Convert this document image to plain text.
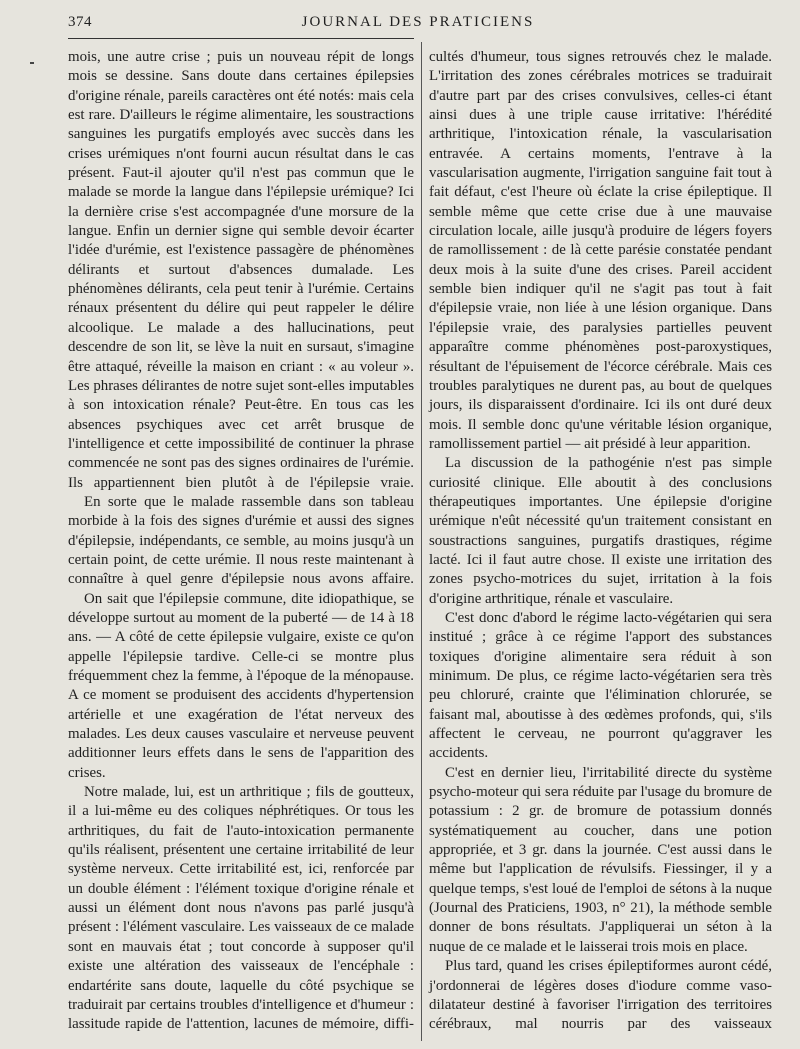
374	JOURNAL DES PRATICIENS

mois, une autre crise ; puis un nouveau répit de longs mois se dessine. Sans doute dans certaines épilepsies d'origine rénale, pareils caractères ont été notés: mais cela est rare. D'ailleurs le régime alimentaire, les soustractions sanguines les purgatifs employés avec succès dans les crises urémiques n'ont fourni aucun résultat dans le cas présent. Faut-il ajouter qu'il n'est pas commun que le malade se morde la langue dans l'épilepsie urémique? Ici la dernière crise s'est accompagnée d'une morsure de la langue. Enfin un dernier signe qui semble devoir écarter l'idée d'urémie, est l'existence passagère de phénomènes délirants et surtout d'absences dumalade. Les phénomènes délirants, cela peut tenir à l'urémie. Certains rénaux présentent du délire qui peut rappeler le délire alcoolique. Le malade a des hallucinations, peut descendre de son lit, se lève la nuit en sursaut, s'imagine être attaqué, réveille la maison en criant : « au voleur ». Les phrases délirantes de notre sujet sont-elles imputables à son intoxication rénale? Peut-être. En tous cas les absences psychiques avec cet arrêt brusque de l'intelligence et cette impossibilité de continuer la phrase commencée ne sont pas des signes ordinaires de l'urémie. Ils appartiennent bien plutôt à de l'épilepsie vraie.

En sorte que le malade rassemble dans son tableau morbide à la fois des signes d'urémie et aussi des signes d'épilepsie, indépendants, ce semble, au moins jusqu'à un certain point, de cette urémie. Il nous reste maintenant à connaître à quel genre d'épilepsie nous avons affaire.

On sait que l'épilepsie commune, dite idiopathique, se développe surtout au moment de la puberté — de 14 à 18 ans. — A côté de cette épilepsie vulgaire, existe ce qu'on appelle l'épilepsie tardive. Celle-ci se montre plus fréquemment chez la femme, à l'époque de la ménopause. A ce moment se produisent des accidents d'hypertension artérielle et une exagération de l'état nerveux des malades. Les deux causes vasculaire et nerveuse peuvent additionner leurs effets dans le sens de l'apparition des crises.

Notre malade, lui, est un arthritique ; fils de goutteux, il a lui-même eu des coliques néphrétiques. Or tous les arthritiques, du fait de l'auto-intoxication permanente qu'ils réalisent, présentent une certaine irritabilité de leur système nerveux. Cette irritabilité est, ici, renforcée par un double élément : l'élément toxique d'origine rénale et aussi un élément dont nous n'avons pas parlé jusqu'à présent : l'élément vasculaire. Les vaisseaux de ce malade sont en mauvais état ; tout concorde à supposer qu'il existe une altération des vaisseaux de l'encéphale : endartérite sans doute, laquelle du côté psychique se traduirait par certains troubles d'intelligence et d'humeur : lassitude rapide de l'attention, lacunes de mémoire, diffi-

cultés d'humeur, tous signes retrouvés chez le malade. L'irritation des zones cérébrales motrices se traduirait d'autre part par des crises convulsives, celles-ci étant ainsi dues à une triple cause irritative: l'hérédité arthritique, l'intoxication rénale, la vascularisation entravée. A certains moments, l'entrave à la vascularisation augmente, l'irrigation sanguine fait tout à fait défaut, c'est l'heure où éclate la crise épileptique. Il semble même que cette crise due à une mauvaise circulation locale, aille jusqu'à produire de légers foyers de ramollissement : de là cette parésie constatée pendant deux mois à la suite d'une des crises. Pareil accident semble bien indiquer qu'il ne s'agit pas tout à fait d'épilepsie vraie, non liée à une lésion organique. Dans l'épilepsie vraie, des paralysies partielles peuvent apparaître comme phénomènes post-paroxystiques, résultant de l'épuisement de l'écorce cérébrale. Mais ces troubles paralytiques ne durent pas, au bout de quelques jours, ils disparaissent d'ordinaire. Ici ils ont duré deux mois. Il semble donc qu'une véritable lésion organique, ramollissement partiel — ait présidé à leur apparition.

La discussion de la pathogénie n'est pas simple curiosité clinique. Elle aboutit à des conclusions thérapeutiques importantes. Une épilepsie d'origine urémique n'eût nécessité qu'un traitement consistant en soustractions sanguines, purgatifs drastiques, régime lacté. Ici il faut autre chose. Il existe une irritation des zones psycho-motrices du sujet, irritation à la fois d'origine arthritique, rénale et vasculaire.

C'est donc d'abord le régime lacto-végétarien qui sera institué ; grâce à ce régime l'apport des substances toxiques d'origine alimentaire sera réduit à son minimum. De plus, ce régime lacto-végétarien sera très peu chloruré, crainte que l'élimination chlorurée, se faisant mal, aboutisse à des œdèmes profonds, qui, s'ils affectent le cerveau, ne pourront qu'aggraver les accidents.

C'est en dernier lieu, l'irritabilité directe du système psycho-moteur qui sera réduite par l'usage du bromure de potassium : 2 gr. de bromure de potassium donnés systématiquement au coucher, dans une potion appropriée, et 3 gr. dans la journée. C'est aussi dans le même but l'application de révulsifs. Fiessinger, il y a quelque temps, s'est loué de l'emploi de sétons à la nuque (Journal des Praticiens, 1903, n° 21), la méthode semble donner de bons résultats. J'appliquerai un séton à la nuque de ce malade et le laisserai trois mois en place.

Plus tard, quand les crises épileptiformes auront cédé, j'ordonnerai de légères doses d'iodure comme vaso-dilatateur destiné à favoriser l'irrigation des territoires cérébraux, mal nourris par des vaisseaux
